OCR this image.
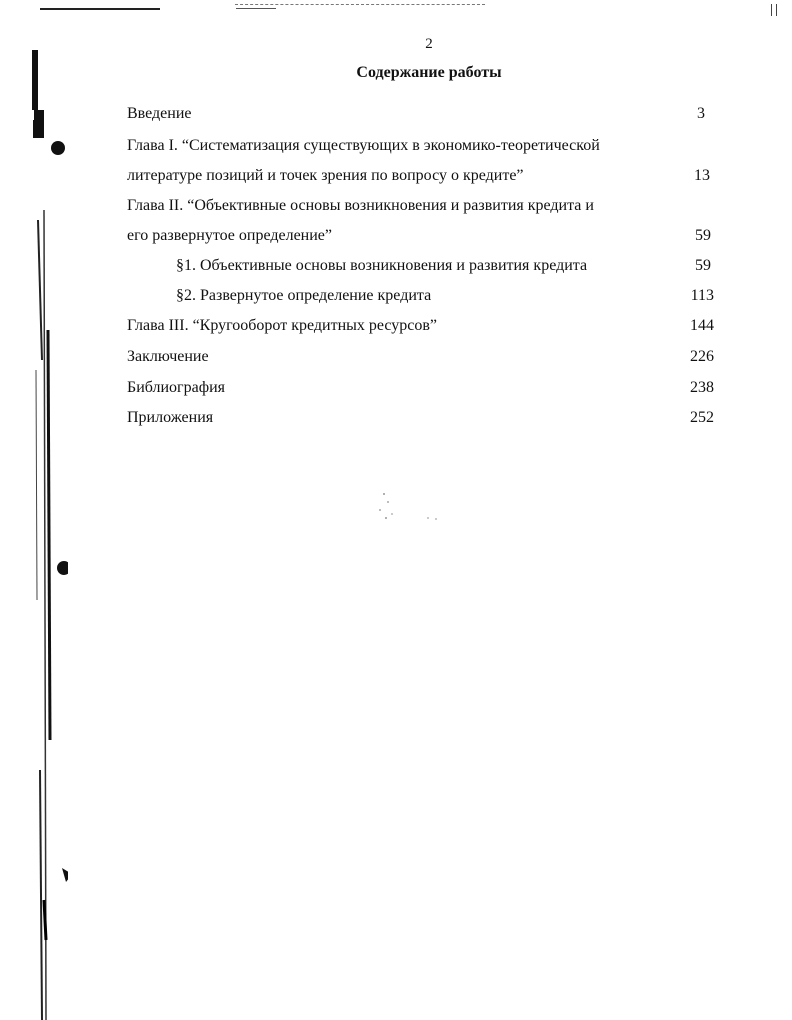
2
Содержание работы
Введение	3
Глава I. “Систематизация существующих в экономико-теоретической
литературе позиций и точек зрения по вопросу о кредите”	13
Глава II. “Объективные основы возникновения и развития кредита и
его развернутое определение”	59
§1. Объективные основы возникновения и развития кредита	59
§2. Развернутое определение кредита	113
Глава III. “Кругооборот кредитных ресурсов”	144
Заключение	226
Библиография	238
Приложения	252
